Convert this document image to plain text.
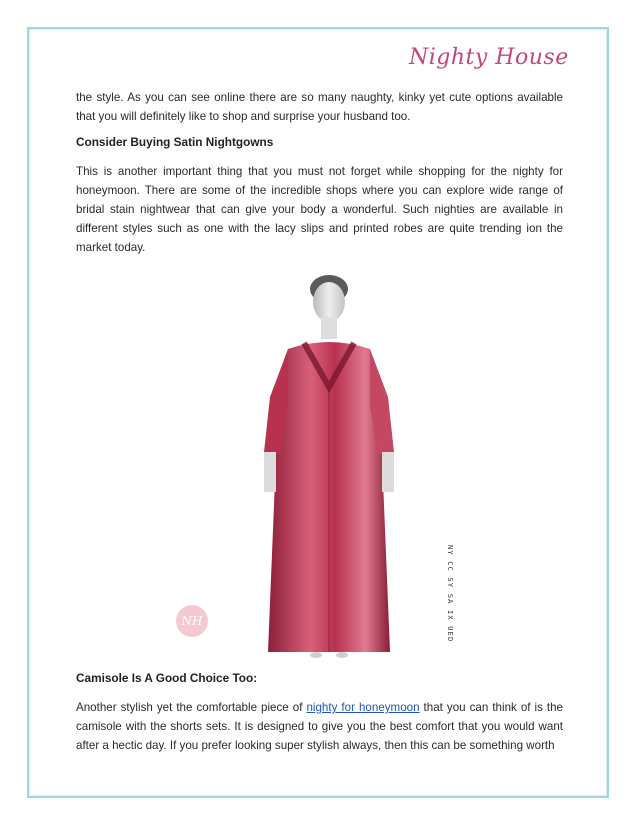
Nighty House

the style. As you can see online there are so many naughty, kinky yet cute options available that you will definitely like to shop and surprise your husband too.

Consider Buying Satin Nightgowns

This is another important thing that you must not forget while shopping for the nighty for honeymoon. There are some of the incredible shops where you can explore wide range of bridal stain nightwear that can give your body a wonderful. Such nighties are available in different styles such as one with the lacy slips and printed robes are quite trending ion the market today.

NY CC SY SA IX UED
NH
Camisole Is A Good Choice Too:

Another stylish yet the comfortable piece of nighty for honeymoon that you can think of is the camisole with the shorts sets. It is designed to give you the best comfort that you would want after a hectic day. If you prefer looking super stylish always, then this can be something worth
